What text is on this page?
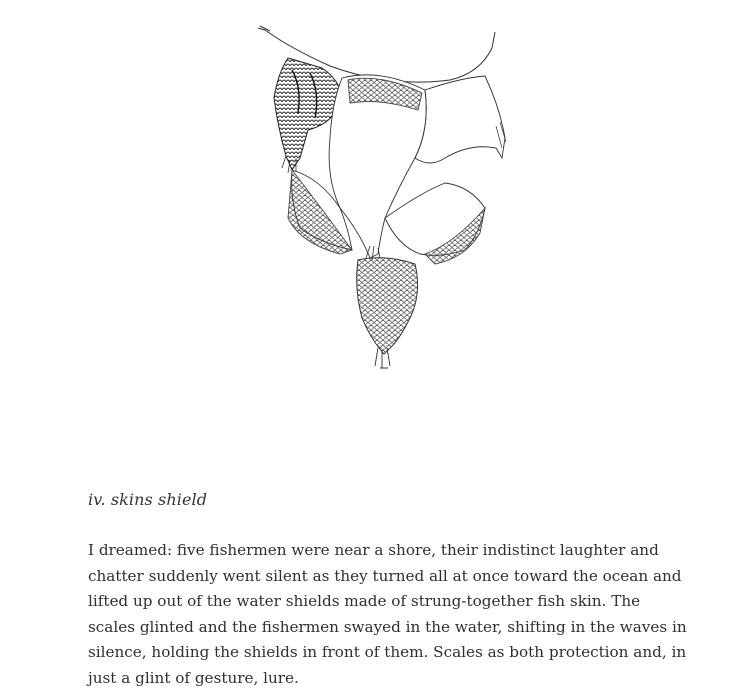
iv. skins shield

I dreamed: five fishermen were near a shore, their indistinct laughter and chatter suddenly went silent as they turned all at once toward the ocean and lifted up out of the water shields made of strung-together fish skin. The scales glinted and the fishermen swayed in the water, shifting in the waves in silence, holding the shields in front of them. Scales as both protection and, in just a glint of gesture, lure.
